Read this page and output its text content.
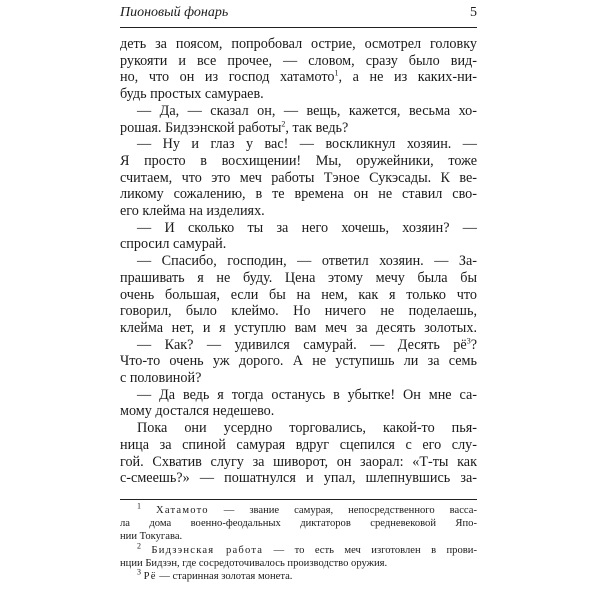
Пионовый фонарь	5
деть за поясом, попробовал острие, осмотрел головку
рукояти и все прочее, — словом, сразу было вид-
но, что он из господ хатамото$^1$, а не из каких-ни-
будь простых самураев.
— Да, — сказал он, — вещь, кажется, весьма хо-
рошая. Бидзэнской работы$^2$, так ведь?
— Ну и глаз у вас! — воскликнул хозяин. —
Я просто в восхищении! Мы, оружейники, тоже
считаем, что это меч работы Тэное Сукэсады. К ве-
ликому сожалению, в те времена он не ставил сво-
его клейма на изделиях.
— И сколько ты за него хочешь, хозяин? —
спросил самурай.
— Спасибо, господин, — ответил хозяин. — За-
прашивать я не буду. Цена этому мечу была бы
очень большая, если бы на нем, как я только что
говорил, было клеймо. Но ничего не поделаешь,
клейма нет, и я уступлю вам меч за десять золотых.
— Как? — удивился самурай. — Десять $рё^3$?
Что-то очень уж дорого. А не уступишь ли за семь
с половиной?
— Да ведь я тогда останусь в убытке! Он мне са-
мому достался недешево.
Пока они усердно торговались, какой-то пья-
ница за спиной самурая вдруг сцепился с его слу-
гой. Схватив слугу за шиворот, он заорал: «Т-ты как
с-смеешь?» — пошатнулся и упал, шлепнувшись за-
$^1$ Хатамото — звание самурая, непосредственного васса-
ла дома военно-феодальных диктаторов средневековой Япо-
нии Токугава.
$^2$ Бидзэнская работа — то есть меч изготовлен в прови-
нции Бидзэн, где сосредоточивалось производство оружия.
$^3$ Рё — старинная золотая монета.
